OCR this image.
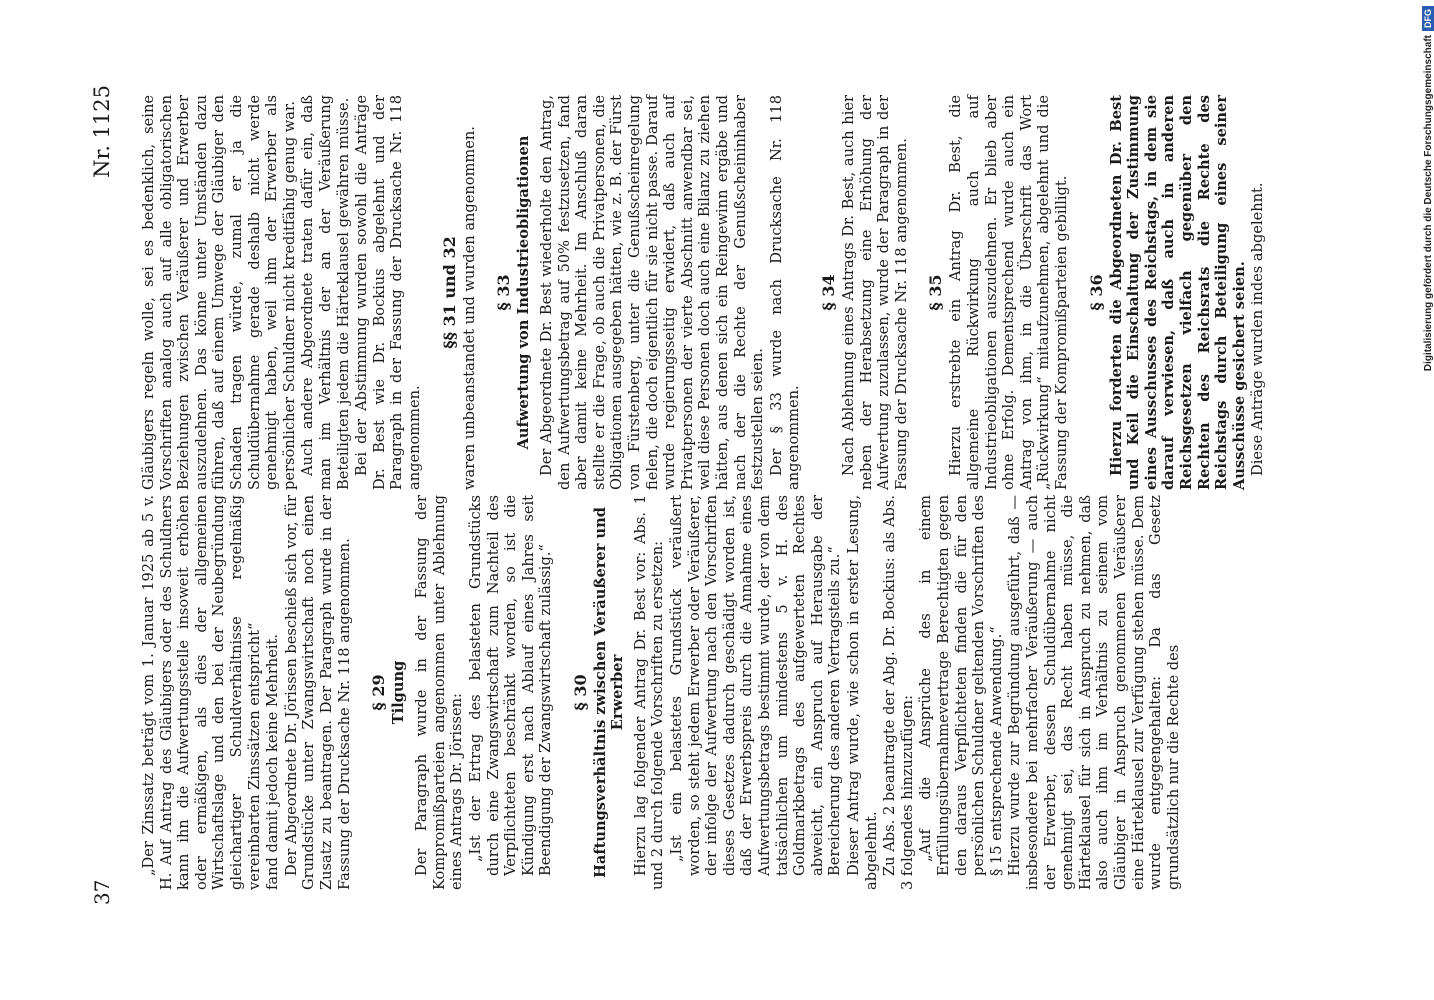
37
Nr. 1125

„Der Zinssatz beträgt vom 1. Januar 1925 ab 5 v. H. Auf Antrag des Gläubigers oder des Schuldners kann ihn die Aufwertungsstelle insoweit erhöhen oder ermäßigen, als dies der allgemeinen Wirtschaftslage und den bei der Neubegründung gleichartiger Schuldverhältnisse regelmäßig vereinbarten Zinssätzen entspricht“ fand damit jedoch keine Mehrheit. Der Abgeordnete Dr. Jörissen beschieß sich vor, für Grundstücke unter Zwangswirtschaft noch einen Zusatz zu beantragen. Der Paragraph wurde in der Fassung der Drucksache Nr. 118 angenommen. § 29 Tilgung Der Paragraph wurde in der Fassung der Kompromißparteien angenommen unter Ablehnung eines Antrags Dr. Jörissen: „Ist der Ertrag des belasteten Grundstücks durch eine Zwangswirtschaft zum Nachteil des Verpflichteten beschränkt worden, so ist die Kündigung erst nach Ablauf eines Jahres seit Beendigung der Zwangswirtschaft zulässig.“ § 30 Haftungsverhältnis zwischen Veräußerer und Erwerber Hierzu lag folgender Antrag Dr. Best vor: Abs. 1 und 2 durch folgende Vorschriften zu ersetzen: „Ist ein belastetes Grundstück veräußert worden, so steht jedem Erwerber oder Veräußerer, der infolge der Aufwertung nach den Vorschriften dieses Gesetzes dadurch geschädigt worden ist, daß der Erwerbspreis durch die Annahme eines Aufwertungsbetrags bestimmt wurde, der von dem tatsächlichen um mindestens 5 v. H. des Goldmarkbetrags des aufgewerteten Rechtes abweicht, ein Anspruch auf Herausgabe der Bereicherung des anderen Vertragsteils zu.“ Dieser Antrag wurde, wie schon in erster Lesung, abgelehnt. Zu Abs. 2 beantragte der Abg. Dr. Bockius: als Abs. 3 folgendes hinzuzufügen: „Auf die Ansprüche des in einem Erfüllungsübernahmevertrage Berechtigten gegen den daraus Verpflichteten finden die für den persönlichen Schuldner geltenden Vorschriften des § 15 entsprechende Anwendung.“ Hierzu wurde zur Begründung ausgeführt, daß — insbesondere bei mehrfacher Veräußerung — auch der Erwerber, dessen Schuldübernahme nicht genehmigt sei, das Recht haben müsse, die Härteklausel für sich in Anspruch zu nehmen, daß also auch ihm im Verhältnis zu seinem vom Gläubiger in Anspruch genommenen Veräußerer eine Härteklausel zur Verfügung stehen müsse. Dem wurde entgegengehalten: Da das Gesetz grundsätzlich nur die Rechte des

Gläubigers regeln wolle, sei es bedenklich, seine Vorschriften analog auch auf alle obligatorischen Beziehungen zwischen Veräußerer und Erwerber auszudehnen. Das könne unter Umständen dazu führen, daß auf einem Umwege der Gläubiger den Schaden tragen würde, zumal er ja die Schuldübernahme gerade deshalb nicht werde genehmigt haben, weil ihm der Erwerber als persönlicher Schuldner nicht kreditfähig genug war. Auch andere Abgeordnete traten dafür ein, daß man im Verhältnis der an der Veräußerung Beteiligten jedem die Härteklausel gewähren müsse. Bei der Abstimmung wurden sowohl die Anträge Dr. Best wie Dr. Bockius abgelehnt und der Paragraph in der Fassung der Drucksache Nr. 118 angenommen.

§§ 31 und 32 waren unbeanstandet und wurden angenommen. § 33 Aufwertung von Industrieobligationen Der Abgeordnete Dr. Best wiederholte den Antrag, den Aufwertungsbetrag auf 50% festzusetzen, fand aber damit keine Mehrheit. Im Anschluß daran stellte er die Frage, ob auch die Privatpersonen, die Obligationen ausgegeben hätten, wie z. B. der Fürst von Fürstenberg, unter die Genußscheinregelung fielen, die doch eigentlich für sie nicht passe. Darauf wurde regierungsseitig erwidert, daß auch auf Privatpersonen der vierte Abschnitt anwendbar sei, weil diese Personen doch auch eine Bilanz zu ziehen hätten, aus denen sich ein Reingewinn ergäbe und nach der die Rechte der Genußscheininhaber festzustellen seien. Der § 33 wurde nach Drucksache Nr. 118 angenommen.

§ 34 Nach Ablehnung eines Antrags Dr. Best, auch hier neben der Herabsetzung eine Erhöhung der Aufwertung zuzulassen, wurde der Paragraph in der Fassung der Drucksache Nr. 118 angenommen. § 35 Hierzu erstrebte ein Antrag Dr. Best, die allgemeine Rückwirkung auch auf Industrieobligationen auszudehnen. Er blieb aber ohne Erfolg. Dementsprechend wurde auch ein Antrag von ihm, in die Überschrift das Wort „Rückwirkung“ mitaufzunehmen, abgelehnt und die Fassung der Kompromißparteien gebilligt. § 36 Hierzu forderten die Abgeordneten Dr. Best und Keil die Einschaltung der Zustimmung eines Ausschusses des Reichstags, in dem sie darauf verwiesen, daß auch in anderen Reichsgesetzen vielfach gegenüber den Rechten des Reichsrats die Rechte des Reichstags durch Beteiligung eines seiner Ausschüsse gesichert seien. Diese Anträge wurden indes abgelehnt.	Digitalisierung gefördert durch die Deutsche Forschungsgemeinschaft
DFG
